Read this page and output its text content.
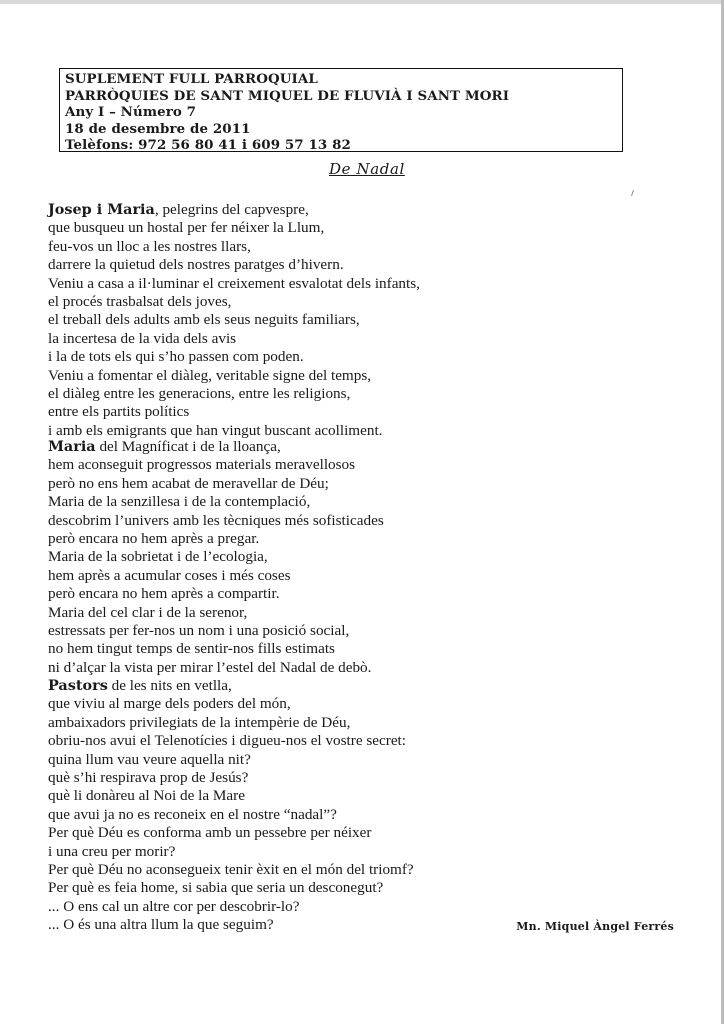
SUPLEMENT FULL PARROQUIAL
PARRÒQUIES DE SANT MIQUEL DE FLUVIÀ I SANT MORI
Any I – Número 7
18 de desembre de 2011
Telèfons: 972 56 80 41 i 609 57 13 82
De Nadal
Josep i Maria, pelegrins del capvespre,
que busqueu un hostal per fer néixer la Llum,
feu-vos un lloc a les nostres llars,
darrere la quietud dels nostres paratges d’hivern.
Veniu a casa a il·luminar el creixement esvalotat dels infants,
el procés trasbalsat dels joves,
el treball dels adults amb els seus neguits familiars,
la incertesa de la vida dels avis
i la de tots els qui s’ho passen com poden.
Veniu a fomentar el diàleg, veritable signe del temps,
el diàleg entre les generacions, entre les religions,
entre els partits polítics
i amb els emigrants que han vingut buscant acolliment.
Maria del Magníficat i de la lloança,
hem aconseguit progressos materials meravellosos
però no ens hem acabat de meravellar de Déu;
Maria de la senzillesa i de la contemplació,
descobrim l’univers amb les tècniques més sofisticades
però encara no hem après a pregar.
Maria de la sobrietat i de l’ecologia,
hem après a acumular coses i més coses
però encara no hem après a compartir.
Maria del cel clar i de la serenor,
estressats per fer-nos un nom i una posició social,
no hem tingut temps de sentir-nos fills estimats
ni d’alçar la vista per mirar l’estel del Nadal de debò.
Pastors de les nits en vetlla,
que viviu al marge dels poders del món,
ambaixadors privilegiats de la intempèrie de Déu,
obriu-nos avui el Telenotícies i digueu-nos el vostre secret:
quina llum vau veure aquella nit?
què s’hi respirava prop de Jesús?
què li donàreu al Noi de la Mare
que avui ja no es reconeix en el nostre “nadal”?
Per què Déu es conforma amb un pessebre per néixer
i una creu per morir?
Per què Déu no aconsegueix tenir èxit en el món del triomf?
Per què es feia home, si sabia que seria un desconegut?
... O ens cal un altre cor per descobrir-lo?
... O és una altra llum la que seguim?	Mn. Miquel Àngel Ferrés
